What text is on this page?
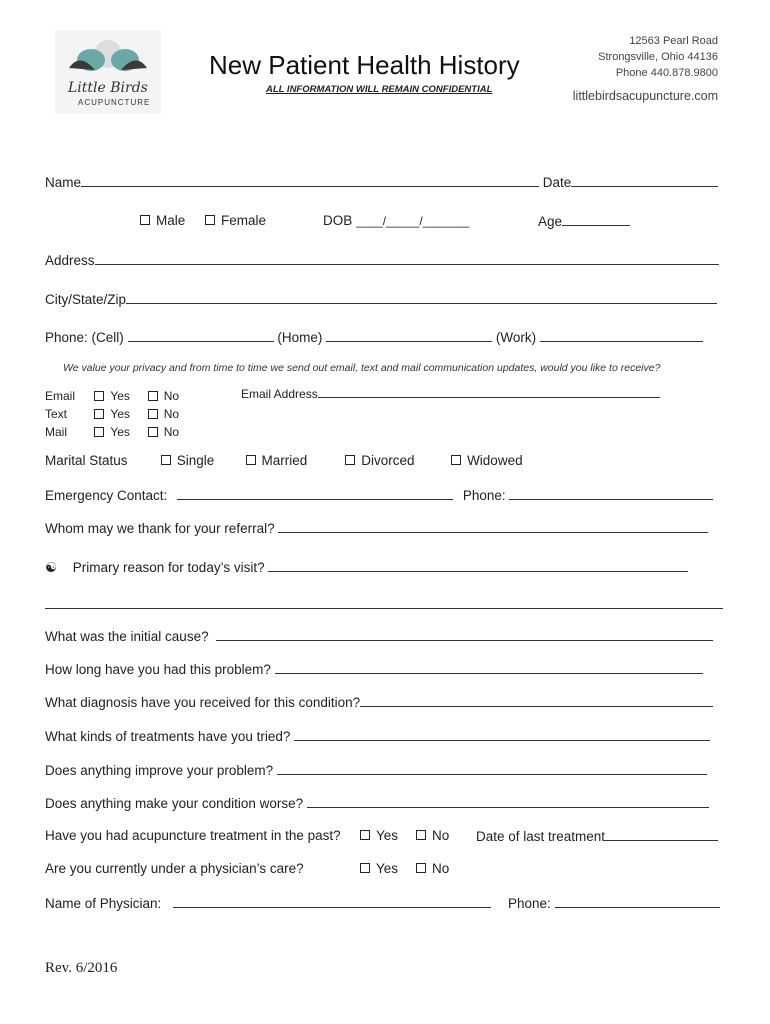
Little Birds
ACUPUNCTURE
New Patient Health History
ALL INFORMATION WILL REMAIN CONFIDENTIAL
12563 Pearl Road
Strongsville, Ohio 44136
Phone 440.878.9800
littlebirdsacupuncture.com
Name	Date
Male	Female	DOB ____/_____/_______	Age
Address
City/State/Zip
Phone: (Cell)	(Home)	(Work)
We value your privacy and from time to time we send out email, text and mail communication updates, would you like to receive?
Email	Yes	No
Text	Yes	No
Mail	Yes	No
Email Address
Marital Status	Single	Married	Divorced	Widowed
Emergency Contact:	Phone:
Whom may we thank for your referral?
☯ Primary reason for today’s visit?
What was the initial cause?
How long have you had this problem?
What diagnosis have you received for this condition?
What kinds of treatments have you tried?
Does anything improve your problem?
Does anything make your condition worse?
Have you had acupuncture treatment in the past?	Yes	No Date of last treatment
Are you currently under a physician’s care?	Yes	No
Name of Physician:	Phone:
Rev. 6/2016
